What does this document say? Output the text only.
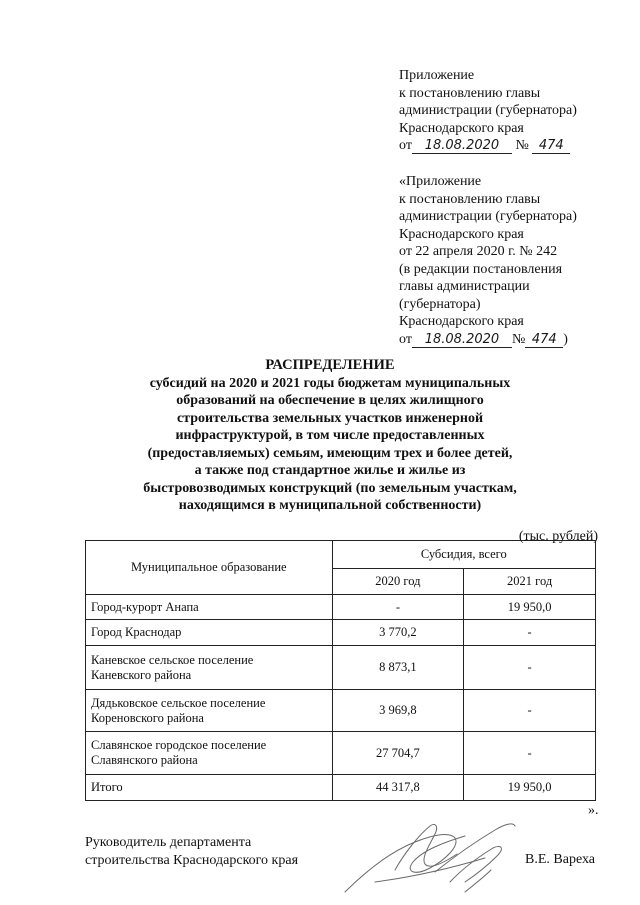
Приложение
к постановлению главы
администрации (губернатора)
Краснодарского края
от 18.08.2020 № 474
«Приложение
к постановлению главы
администрации (губернатора)
Краснодарского края
от 22 апреля 2020 г. № 242
(в редакции постановления
главы администрации
(губернатора)
Краснодарского края
от 18.08.2020 № 474 )
РАСПРЕДЕЛЕНИЕ
субсидий на 2020 и 2021 годы бюджетам муниципальных
образований на обеспечение в целях жилищного
строительства земельных участков инженерной
инфраструктурой, в том числе предоставленных
(предоставляемых) семьям, имеющим трех и более детей,
а также под стандартное жилье и жилье из
быстровозводимых конструкций (по земельным участкам,
находящимся в муниципальной собственности)
(тыс. рублей)
Муниципальное образование	Субсидия, всего	
	2020 год	2021 год
Город-курорт Анапа	-	19 950,0
Город Краснодар	3 770,2	-
Каневское сельское поселение
Каневского района	8 873,1	-
Дядьковское сельское поселение
Кореновского района	3 969,8	-
Славянское городское поселение
Славянского района	27 704,7	-
Итого	44 317,8	19 950,0
».
Руководитель департамента
строительства Краснодарского края	В.Е. Вареха
